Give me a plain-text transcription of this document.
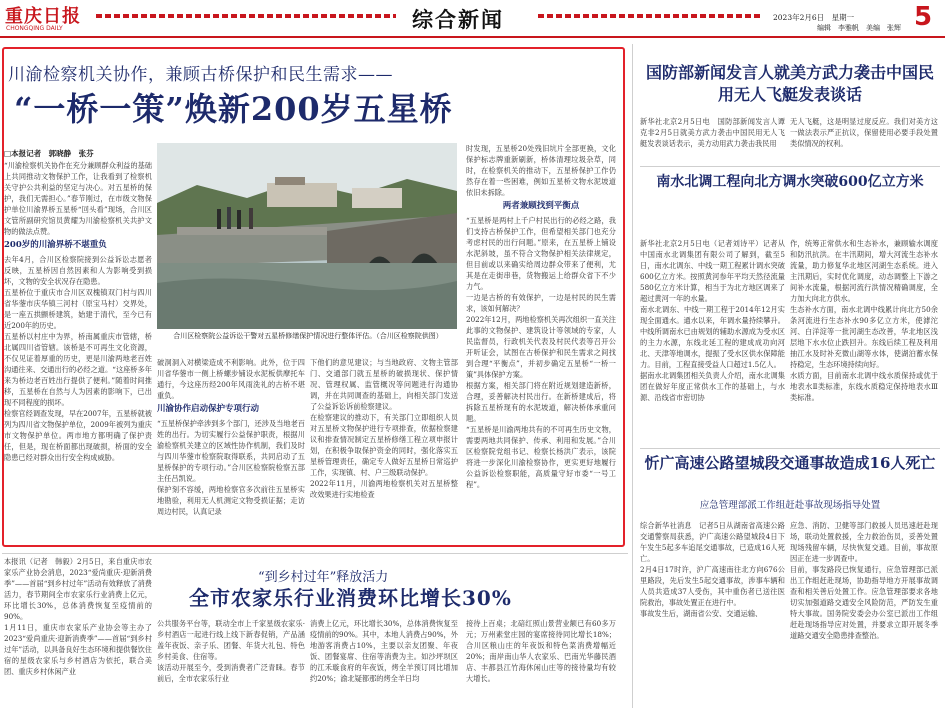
重庆日报
CHONGQING DAILY	综合新闻	2023年2月6日　星期一
编辑　李雅帆　美编　张辉 5
川渝检察机关协作，兼顾古桥保护和民生需求——
“一桥一策”焕新200岁五星桥
□本报记者　郭晓静　张芬

“川渝检察机关协作在充分兼顾群众利益的基础上共同推动文物保护工作，让我看到了检察机关守护公共利益的坚定与决心。对五星桥的保护，我们无需担心。”春节刚过，在市级文物保护单位川渝界桥五星桥“回头看”现场，合川区文管所副研究馆员黄耀为川渝检察机关共护文物的做法点赞。

200岁的川渝界桥不堪重负

去年4月，合川区检察院接到公益诉讼志愿者反映，五星桥因自然因素和人为影响受到损坏，文物的安全状况存在隐患。

五星桥位于重庆市合川区双槐镇双门村与四川省华蓥市庆华镇三河村（原宝马村）交界处，是一座五拱颤桥建筑，始建于清代，至今已有近200年的历史。

五星桥以村庄中为界，桥南属重庆市管辖，桥北属四川省管辖。该桥是不可再生文化资源，不仅见证着厚重的历史，更是川渝两地老百姓沟通往来、交通出行的必经之道。“这座桥多年来为桥边老百姓出行提供了便利。”随着时间推移，五星桥在自然与人为因素的影响下，已出现不同程度的损坏。

检察官经调查发现，早在2007年，五星桥就被列为四川省文物保护单位，2009年被列为重庆市文物保护单位。两市地方都明确了保护责任，但是，现在桥面都出现破损，桥面的安全隐患已经对群众出行安全构成威胁。

合川区检察院公益诉讼干警对五星桥修缮保护情况进行整体评估。（合川区检察院供图）

破洞洞入对横梁造成不利影响。此外，位于四川省华蓥市一侧上桥螺步铺设水泥板供摩托车通行，今这座历经200年风雨洗礼的古桥不堪重负。

川渝协作启动保护专项行动

“五星桥保护牵涉到多个部门，还涉及当地老百姓的出行。为切实履行公益保护职责，根据川渝检察机关建立的区域性协作机制，我们及时与四川华蓥市检察院取得联系，共同启动了五星桥保护的专项行动。”合川区检察院检察五部主任吕凯说。

保护刻不容缓，两地检察官多次前往五星桥实地勘验，利用无人机测定文物受损证据；走访周边村民，认真记录

下他们的意见建议；与当地政府、文物主管部门、交通部门就五星桥的破损现状、保护情况、管理权属、监管概况等问题进行沟通协调，并在共同调查的基础上，向相关部门发送了公益诉讼诉前检察建议。

在检察建议的推动下，有关部门立即组织人员对五星桥文物保护进行专项排查，依据检察建议和排查情况制定五星桥修缮工程立项申报计划，在积极争取保护资金的同时，强化落实五星桥管理责任，确定专人做好五星桥日常巡护工作，实现镇、村、户三级联动保护。

2022年11月，川渝两地检察机关对五星桥整改效果进行实地检查

时发现，五星桥20处残旧坑片全部更换，文化保护标志牌重新刷新，桥体清理垃圾杂草，同时，在检察机关的推动下，五星桥保护工作仍然存在着一些困难，例如五星桥文物水泥坡道依旧未拆除。

两者兼顾找到平衡点

“五星桥是两村上千户村民出行的必经之路，我们支持古桥保护工作，但希望相关部门也充分考虑村民的出行问题。”原来，在五星桥上铺设水泥斜坡，虽不符合文物保护相关法律规定，但目前或以来确实给周边群众带来了便利，尤其是在走街串巷，货物搬运上给群众省下不少力气。

一边是古桥的有效保护，一边是村民的民生需求，该如何解决？

2022年12月，两地检察机关再次组织一直关注此事的文物保护、建筑设计等领域的专家，人民监督员，行政机关代表及村民代表等召开公开听证会，试图在古桥保护和民生需求之间找到合理“平衡点”，并初步确定五星桥“一桥一策”具体保护方案。

根据方案，相关部门将在附近规划建造新桥，合理，妥善解决村民出行。在新桥建成后，将拆除五星桥现有的水泥坡道，解决桥体承重问题。

“五星桥是川渝两地共有的不可再生历史文物，需要两地共同保护、传承、利用和发展。”合川区检察院党组书记、检察长杨洪广表示，该院将进一步深化川渝检察协作，更实更好地履行公益诉讼检察职能，高质量守好市委“一号工程”。

国防部新闻发言人就美方武力袭击中国民用无人飞艇发表谈话
新华社北京2月5日电　国防部新闻发言人谭克非2月5日就美方武力袭击中国民用无人飞艇发表谈话表示，美方动用武力袭击我民用
无人飞艇，这是明显过度反应。我们对美方这一做法表示严正抗议，保留使用必要手段处置类似情况的权利。
南水北调工程向北方调水突破600亿立方米

新华社北京2月5日电（记者刘诗平）记者从中国南水北调集团有限公司了解到，截至5日，南水北调东、中线一期工程累计调水突破600亿立方米。按照黄河参年平均天然径流量580亿立方米计算，相当于为北方地区调来了超过黄河一年的水量。

南水北调东、中线一期工程于2014年12月实现全面通水。通水以来，年调水量持续攀升。中线所调南水已由规划的辅助水源成为受水区的主力水源，东线北延工程的建成成功向河北、天津等地调水，提振了受水区供水保障能力。目前，工程直接受益人口超过1.5亿人。

据南水北调集团相关负责人介绍，南水北调集团在做好年度正常供水工作的基础上，与水源、沿线省市密切协

作，统筹正常供水和生态补水，兼顾输水调度和防汛抗洪。在丰汛期间，增大河流生态补水流量，助力修复华北地区河湖生态系统。进入主汛期后，实时优化调度，动态调整上下游之间补水流量，根据河流行洪情况精确调度，全力加大向北方供水。

生态补水方面，南水北调中线累计向北方50余条河流进行生态补水90多亿立方米，使滹沱河、白洋淀等一批河湖生态改善，华北地区浅层地下水水位止跌回升。东线后续工程及利用抽江水及时补充微山湖等水体，使湖泊蓄水保持稳定，生态环境持续向好。

水质方面，目前南水北调中线水质保持或优于地表水Ⅱ类标准，东线水质稳定保持地表水Ⅲ类标准。

忻广高速公路望城段交通事故造成16人死亡
应急管理部派工作组赶赴事故现场指导处置

综合新华社消息　记者5日从湖南省高速公路交通警察局获悉，沪广高速公路望城段4日下午发生5起多车追尾交通事故，已造成16人死亡。

2月4日17时许，沪广高速南往北方向676公里路段，先后发生5起交通事故，涉事车辆和人员共造成37人受伤，其中重伤者已送往医院救治，事故处置正在进行中。

事故发生后，湖南省公安、交通运输、

应急、消防、卫健等部门救援人员迅速赶赴现场，联动处置救援，全力救治伤员，妥善处置现场残留车辆，尽快恢复交通。目前，事故原因正在进一步调查中。

目前，事发路段已恢复通行，应急管理部已派出工作组赶赴现场，协助指导地方开展事故调查和相关善后处置工作。应急管理部要求各地切实加强道路交通安全风险防范，严防发生重特大事故。国务院安委会办公室已派出工作组赶赴现场指导应对处置，并要求立即开展冬季道路交通安全隐患排查整治。

本报讯（记者　韩毅）2月5日，来自重庆市农家乐产业协会消息，2023“爱尚重庆·迎新消费季”——首届“到乡村过年”活动有效释放了消费活力，春节期间全市农家乐行业消费上亿元，环比增长30%，总体消费恢复至疫情前的90%。

1月11日，重庆市农家乐产业协会等主办了2023“爱尚重庆·迎新消费季”——首届“到乡村过年”活动，以具备良好生态环境和提供餐饮住宿的星级农家乐与乡村酒店为依托，联合美团、重庆乡村休闲产业

“到乡村过年”释放活力
全市农家乐行业消费环比增长30%

公共服务平台等，联动全市上千家星级农家乐·乡村酒店一起进行线上线下新春促销，产品涵盖年夜饭、亲子乐、团餐、年货大礼包、特色乡村美食、住宿等。

该活动开展至今，受到消费者广泛青睐。春节前后，全市农家乐行业

消费上亿元，环比增长30%，总体消费恢复至疫情前的90%。其中，本地人消费占90%，外地游客消费占10%，主要以亲友团聚、年夜饭、团餐宴席、住宿等消费为主。如沙坪坝区的江禾璇食府的年夜饭，烤全羊预订同比增加约20%；渝北疑都那的烤全羊日均
接待上百桌；北碚红照山景营业额已有60多万元；万州素堂庄园的宴席接待同比增长18%；合川区粮山庄的年夜饭和特色菜消费增幅近20%；南岸南山华人农家乐、巴南光华藤民酒店、丰都县江竹海休闲山庄等的接待量均有较大增长。
